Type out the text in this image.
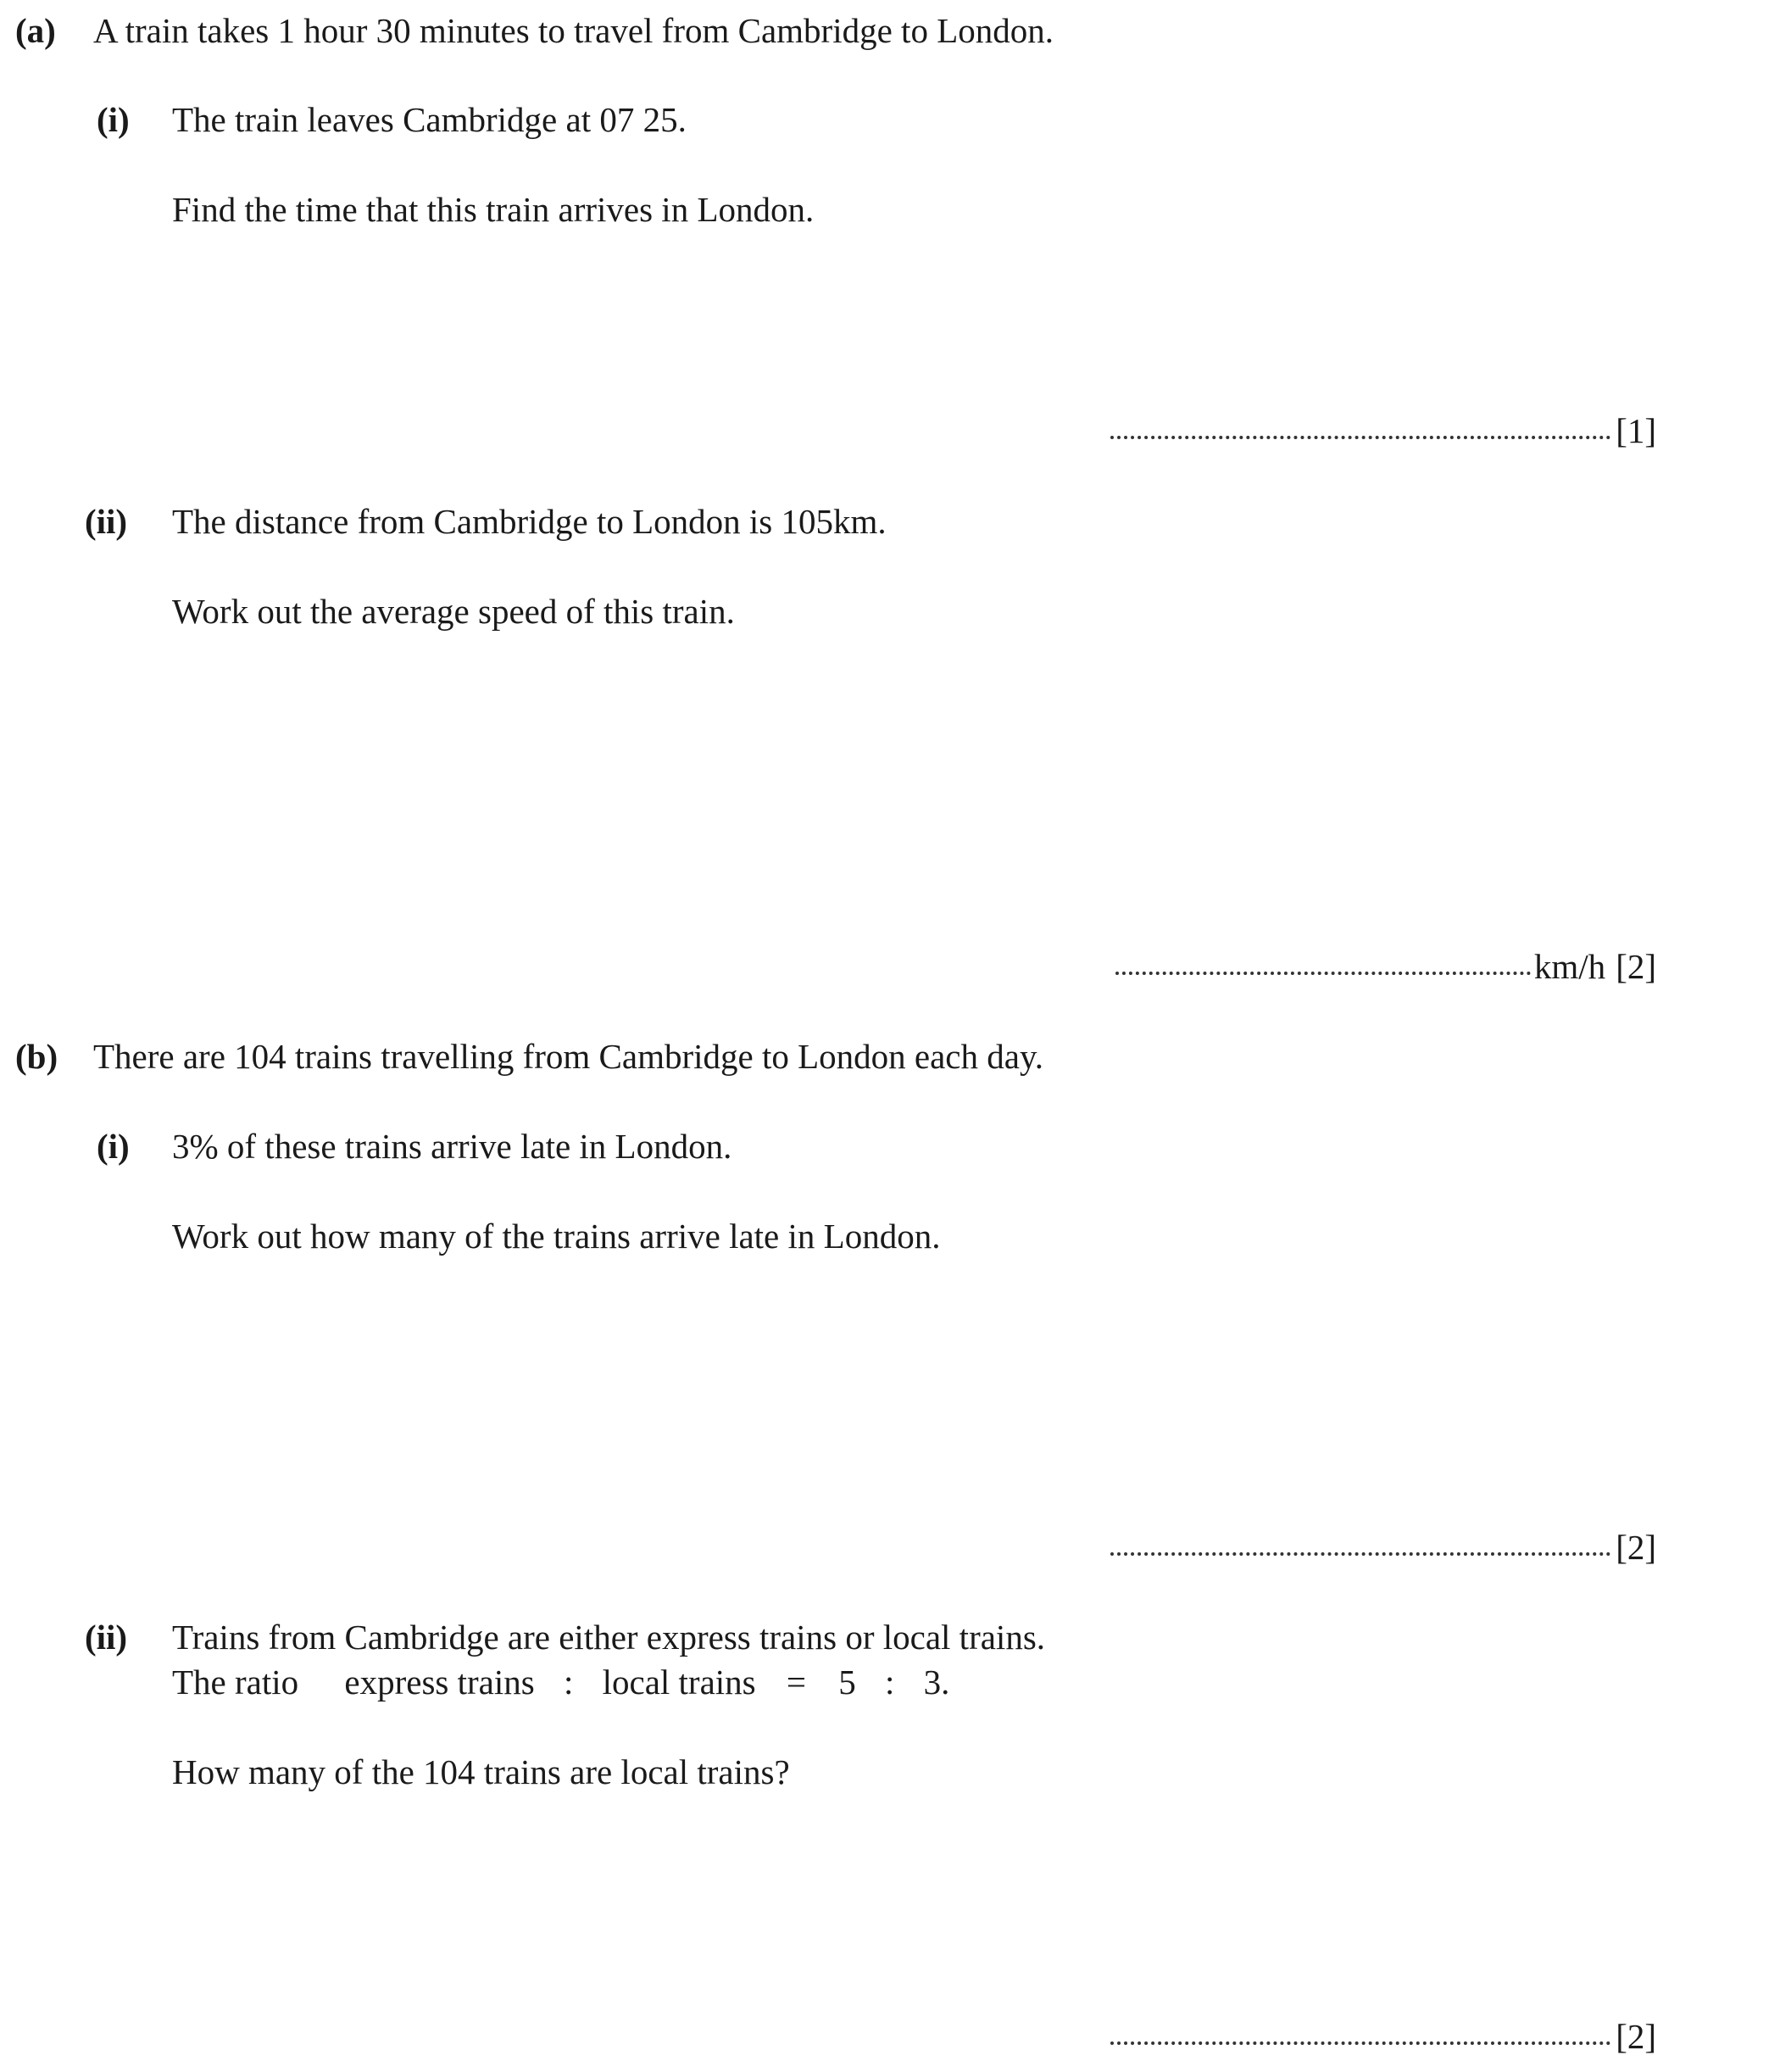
(a) A train takes 1 hour 30 minutes to travel from Cambridge to London.
(i) The train leaves Cambridge at 07 25.
Find the time that this train arrives in London.
[1]
(ii) The distance from Cambridge to London is 105km.
Work out the average speed of this train.
km/h [2]
(b) There are 104 trains travelling from Cambridge to London each day.
(i) 3% of these trains arrive late in London.
Work out how many of the trains arrive late in London.
[2]
(ii) Trains from Cambridge are either express trains or local trains.
The ratio express trains : local trains = 5 : 3.
How many of the 104 trains are local trains?
[2]
